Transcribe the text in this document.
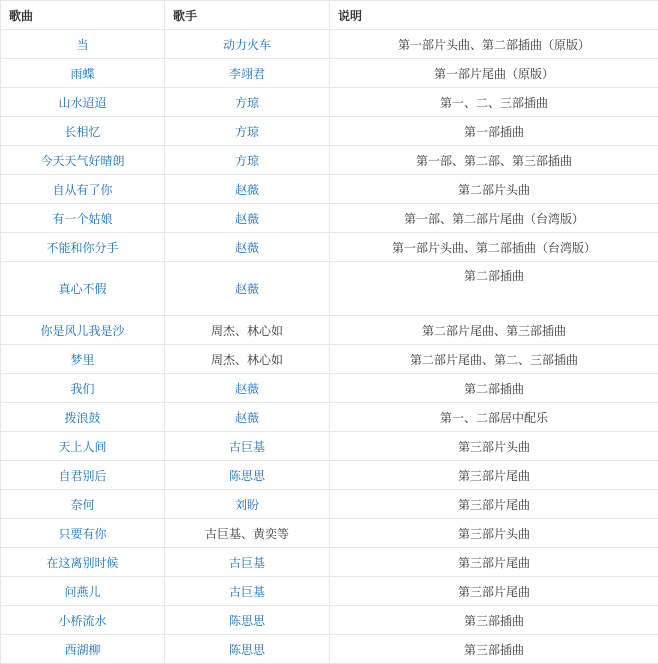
歌曲	歌手	说明
当	动力火车	第一部片头曲、第二部插曲（原版）
雨蝶	李翊君	第一部片尾曲（原版）
山水迢迢	方琼	第一、二、三部插曲
长相忆	方琼	第一部插曲
今天天气好晴朗	方琼	第一部、第二部、第三部插曲
自从有了你	赵薇	第二部片头曲
有一个姑娘	赵薇	第一部、第二部片尾曲（台湾版）
不能和你分手	赵薇	第一部片头曲、第二部插曲（台湾版）
真心不假	赵薇	第二部插曲
你是风儿我是沙	周杰、林心如	第二部片尾曲、第三部插曲
梦里	周杰、林心如	第二部片尾曲、第二、三部插曲
我们	赵薇	第二部插曲
拨浪鼓	赵薇	第一、二部居中配乐
天上人间	古巨基	第三部片头曲
自君别后	陈思思	第三部片尾曲
奈何	刘盼	第三部片尾曲
只要有你	古巨基、黄奕等	第三部片头曲
在这离别时候	古巨基	第三部片尾曲
问燕儿	古巨基	第三部片尾曲
小桥流水	陈思思	第三部插曲
西湖柳	陈思思	第三部插曲
